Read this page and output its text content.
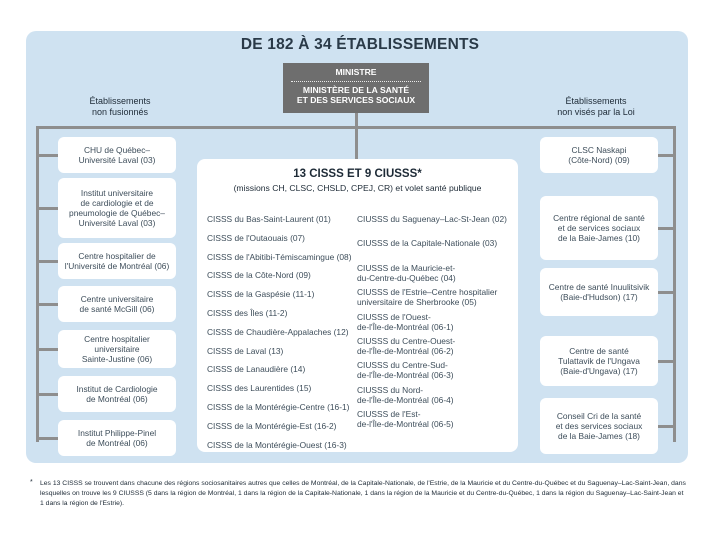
DE 182 À 34 ÉTABLISSEMENTS
MINISTRE
MINISTÈRE DE LA SANTÉ
ET DES SERVICES SOCIAUX
Établissements
non fusionnés
Établissements
non visés par la Loi
CHU de Québec–
Université Laval (03)
Institut universitaire
de cardiologie et de
pneumologie de Québec–
Université Laval (03)
Centre hospitalier de
l'Université de Montréal (06)
Centre universitaire
de santé McGill (06)
Centre hospitalier universitaire
Sainte-Justine (06)
Institut de Cardiologie
de Montréal (06)
Institut Philippe-Pinel
de Montréal (06)
CLSC Naskapi
(Côte-Nord) (09)
Centre régional de santé
et de services sociaux
de la Baie-James (10)
Centre de santé Inuulitsivik
(Baie-d'Hudson) (17)
Centre de santé
Tulattavik de l'Ungava
(Baie-d'Ungava) (17)
Conseil Cri de la santé
et des services sociaux
de la Baie-James (18)
13 CISSS ET 9 CIUSSS*
(missions CH, CLSC, CHSLD, CPEJ, CR) et volet santé publique
CISSS du Bas-Saint-Laurent (01)
CISSS de l'Outaouais (07)
CISSS de l'Abitibi-Témiscamingue (08)
CISSS de la Côte-Nord (09)
CISSS de la Gaspésie (11-1)
CISSS des Îles (11-2)
CISSS de Chaudière-Appalaches (12)
CISSS de Laval (13)
CISSS de Lanaudière (14)
CISSS des Laurentides (15)
CISSS de la Montérégie-Centre (16-1)
CISSS de la Montérégie-Est (16-2)
CISSS de la Montérégie-Ouest (16-3)
CIUSSS du Saguenay–Lac-St-Jean (02)
CIUSSS de la Capitale-Nationale (03)
CIUSSS de la Mauricie-et-
du-Centre-du-Québec (04)
CIUSSS de l'Estrie–Centre hospitalier
universitaire de Sherbrooke (05)
CIUSSS de l'Ouest-
de-l'Île-de-Montréal (06-1)
CIUSSS du Centre-Ouest-
de-l'Île-de-Montréal (06-2)
CIUSSS du Centre-Sud-
de-l'Île-de-Montréal (06-3)
CIUSSS du Nord-
de-l'Île-de-Montréal (06-4)
CIUSSS de l'Est-
de-l'Île-de-Montréal (06-5)
* Les 13 CISSS se trouvent dans chacune des régions sociosanitaires autres que celles de Montréal, de la Capitale-Nationale, de l'Estrie, de la Mauricie et du Centre-du-Québec et du Saguenay–Lac-Saint-Jean, dans lesquelles on trouve les 9 CIUSSS (5 dans la région de Montréal, 1 dans la région de la Capitale-Nationale, 1 dans la région de la Mauricie et du Centre-du-Québec, 1 dans la région du Saguenay–Lac-Saint-Jean et 1 dans la région de l'Estrie).
